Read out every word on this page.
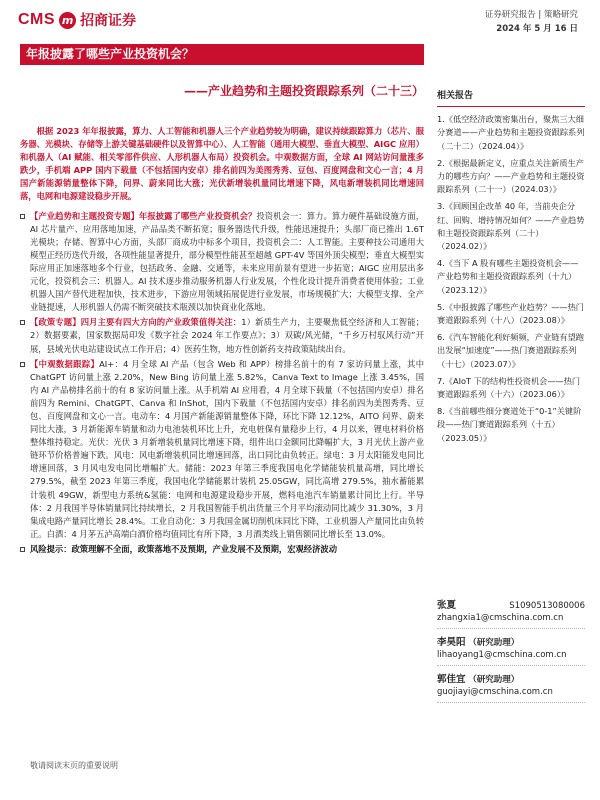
CMS m 招商证券	证券研究报告 | 策略研究
2024 年 5 月 16 日
年报披露了哪些产业投资机会？
——产业趋势和主题投资跟踪系列（二十三）

根据 2023 年年报披露，算力、人工智能和机器人三个产业趋势较为明确，建议持续跟踪算力（芯片、服务器、光模块、存储等上游关键基础硬件以及智算中心）、人工智能（通用大模型、垂直大模型、AIGC 应用）和机器人（AI 赋能、相关零部件供应、人形机器人布局）投资机会。中观数据方面，全球 AI 网站访问量涨多跌少，手机端 APP 国内下载量（不包括国内安卓）排名前四为美图秀秀、豆包、百度网盘和文心一言；4 月国产新能源销量整体下降，问界、蔚来同比大涨；光伏新增装机量同比增速下降，风电新增装机同比增速回落，电网和电源建设稳步开展。

【产业趋势和主题投资专题】年报披露了哪些产业投资机会？投资机会一：算力。算力硬件基础设施方面，AI 芯片量产、应用落地加速，产品品类不断拓宽；服务器迭代升级，性能迅速提升；头部厂商已推出 1.6T 光模块；存储、智算中心方面，头部厂商成功中标多个项目，投资机会二：人工智能。主要种技公司通用大模型正经历迭代升级，各项性能显著提升，部分模型性能甚至超越 GPT-4V 等国外顶尖模型；垂直大模型实际应用正加速落地多个行业，包括政务、金融、交通等，未来应用前景有望进一步拓宽；AIGC 应用层出多元化，投资机会三：机器人。AI 技术逐步推动服务机器人行业发展，个性化设计提升消费者使用体验；工业机器人国产替代进程加快，技术进步，下游应用领域拓展促进行业发展，市场规模扩大；大模型支撑、全产业链提速，人形机器人仍需不断突破技术瓶颈以加快商业化落地。

【政策专题】四月主要有四大方向的产业政策值得关注：1）新质生产力，主要聚焦低空经济和人工智能；2）数据要素，国家数据局印发《数字社会 2024 年工作要点》；3）双碳/风光储，“千乡万村驭风行动”开展，县域光伏电站建设试点工作开启；4）医药生物，地方性创新药支持政策陆续出台。

【中观数据跟踪】AI+：4 月全球 AI 产品（包含 Web 和 APP）榜排名前十的有 7 家访问量上涨，其中 ChatGPT 访问量上涨 2.20%，New Bing 访问量上涨 5.82%，Canva Text to Image 上涨 3.45%，国内 AI 产品榜排名前十的有 8 家访问量上涨。从手机端 AI 应用看，4 月全球下载量（不包括国内安卓）排名前四为 Remini、ChatGPT、Canva 和 InShot，国内下载量（不包括国内安卓）排名前四为美图秀秀、豆包、百度网盘和文心一言。电动车：4 月国产新能源销量整体下降，环比下降 12.12%，AITO 问界、蔚来同比大涨，3 月新能源车销量和动力电池装机环比上升，充电桩保有量稳步上行，4 月以来，锂电材料价格整体维持稳定。光伏：光伏 3 月新增装机量同比增速下降，组件出口金额同比降幅扩大，3 月光伏上游产业链环节价格普遍下跌。风电：风电新增装机同比增速回落，出口同比由负转正。绿电：3 月太阳能发电同比增速回落，3 月风电发电同比增幅扩大。储能：2023 年第三季度我国电化学储能装机量高增，同比增长 279.5%，截至 2023 年第三季度，我国电化学储能累计装机 25.05GW，同比高增 279.5%，抽水蓄能累计装机 49GW，新型电力系统&氢能：电网和电源建设稳步开展，燃料电池汽车销量累计同比上行。半导体：2 月我国半导体销量同比持续增长，2 月我国智能手机出货量三个月平均滚动同比减少 31.30%，3 月集成电路产量同比增长 28.4%。工业自动化：3 月我国金属切削机床同比下降，工业机器人产量同比由负转正。白酒：4 月茅五泸高端白酒价格均值同比有所下降，3 月酒类线上销售额同比增长至 13.0%。

风险提示：政策理解不全面，政策落地不及预期，产业发展不及预期，宏观经济波动

相关报告
1.《低空经济政策密集出台，聚焦三大细分赛道——产业趋势和主题投资跟踪系列（二十二）（2024.04）》
2.《根据最新定义，应重点关注新质生产力的哪些方向？——产业趋势和主题投资跟踪系列（二十一）（2024.03）》
3.《回顾国企改革 40 年，当前央企分红、回购、增持情况如何？——产业趋势和主题投资跟踪系列（二十）（2024.02）》
4.《当下 A 股有哪些主题投资机会——产业趋势和主题投资跟踪系列（十九）（2023.12）》
5.《中报披露了哪些产业趋势？——热门赛道跟踪系列（十八）（2023.08）》
6.《汽车智能化利好频频，产业链有望跑出发展“加速度”——热门赛道跟踪系列（十七）（2023.07）》
7.《AIoT 下的结构性投资机会——热门赛道跟踪系列（十六）（2023.06）》
8.《当前哪些细分赛道处于“0-1”关键阶段——热门赛道跟踪系列（十五）（2023.05）》
张夏	S1090513080006
zhangxia1@cmschina.com.cn
李昊阳 （研究助理）
lihaoyang1@cmschina.com.cn
郭佳宜 （研究助理）
guojiayi@cmschina.com.cn
敬请阅读末页的重要说明
